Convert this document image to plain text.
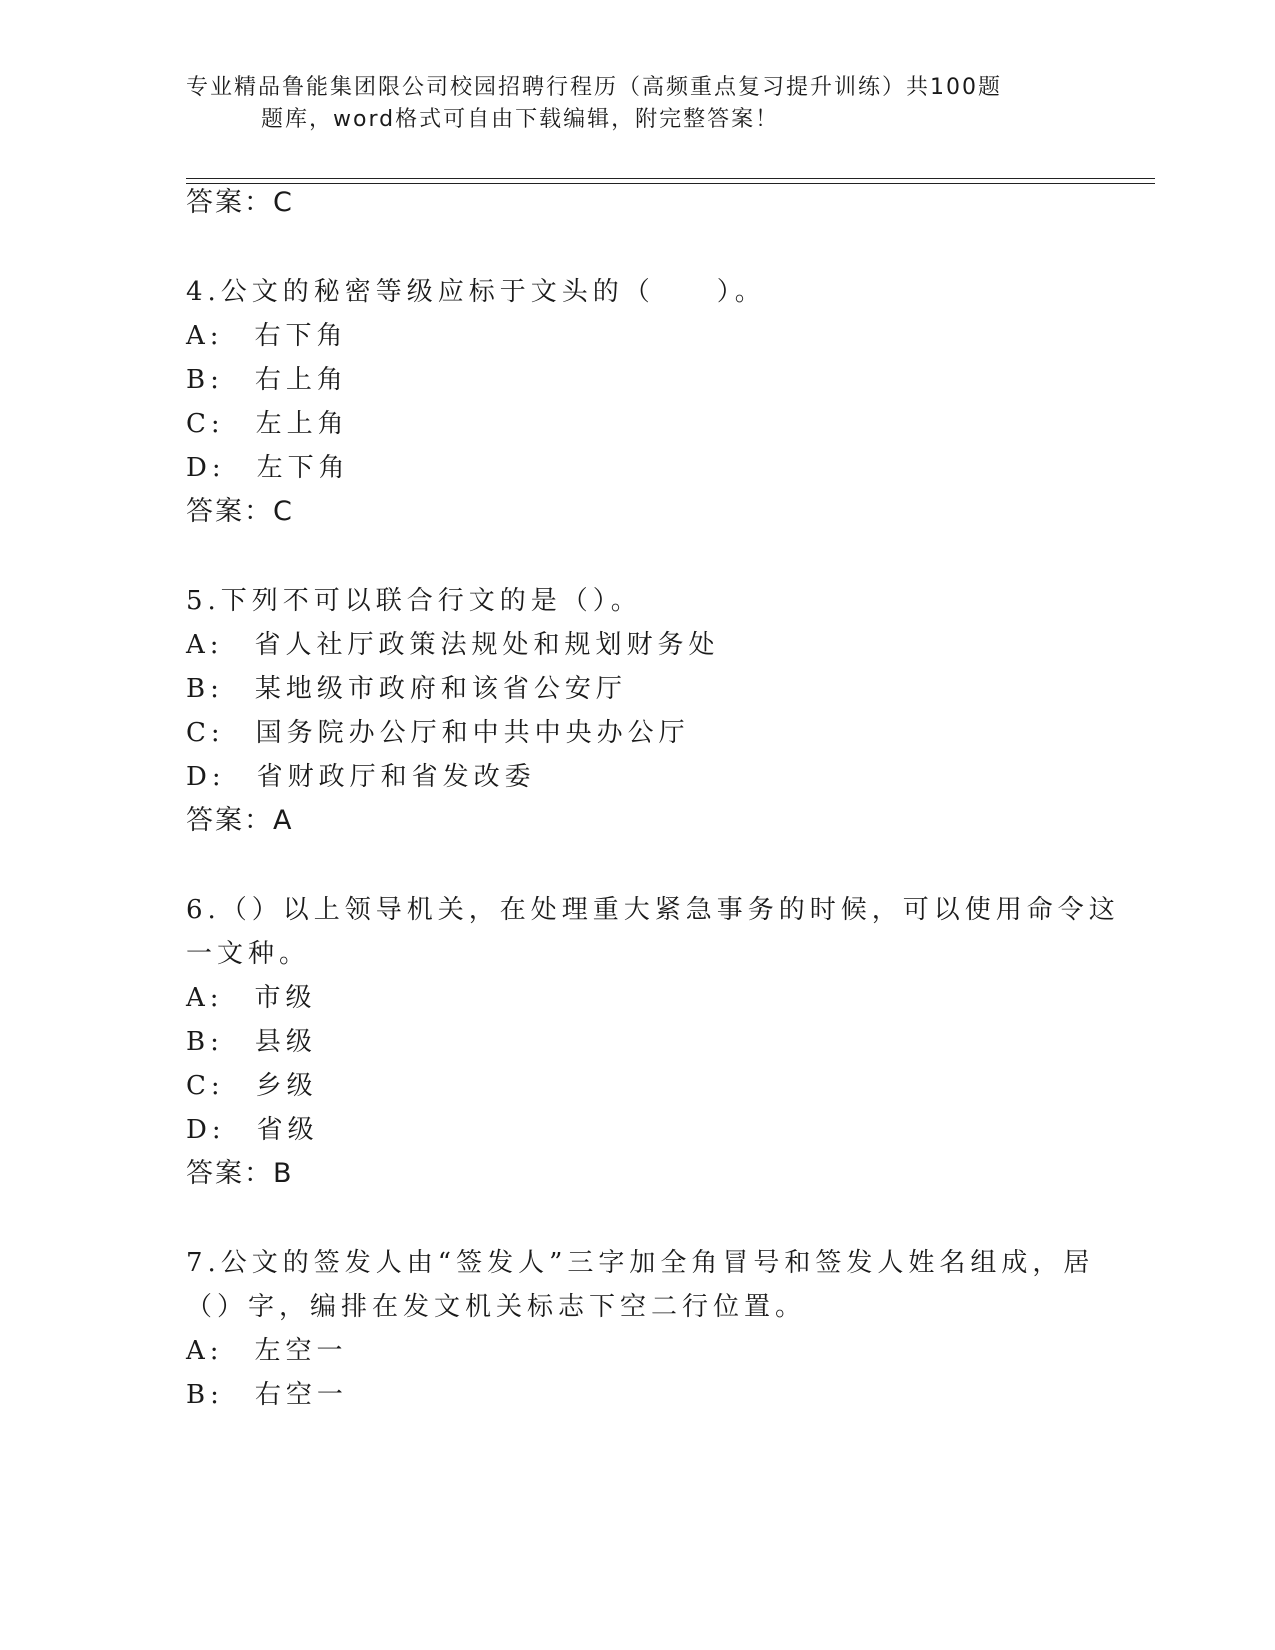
专业精品鲁能集团限公司校园招聘行程历（高频重点复习提升训练）共100题
题库，word格式可自由下载编辑，附完整答案！
答案：C
4.公文的秘密等级应标于文头的（　　）。
A:　右下角
B:　右上角
C:　左上角
D:　左下角
答案：C
5.下列不可以联合行文的是（）。
A:　省人社厅政策法规处和规划财务处
B:　某地级市政府和该省公安厅
C:　国务院办公厅和中共中央办公厅
D:　省财政厅和省发改委
答案：A
6.（）以上领导机关，在处理重大紧急事务的时候，可以使用命令这
一文种。
A:　市级
B:　县级
C:　乡级
D:　省级
答案：B
7.公文的签发人由“签发人”三字加全角冒号和签发人姓名组成，居
（）字，编排在发文机关标志下空二行位置。
A:　左空一
B:　右空一
